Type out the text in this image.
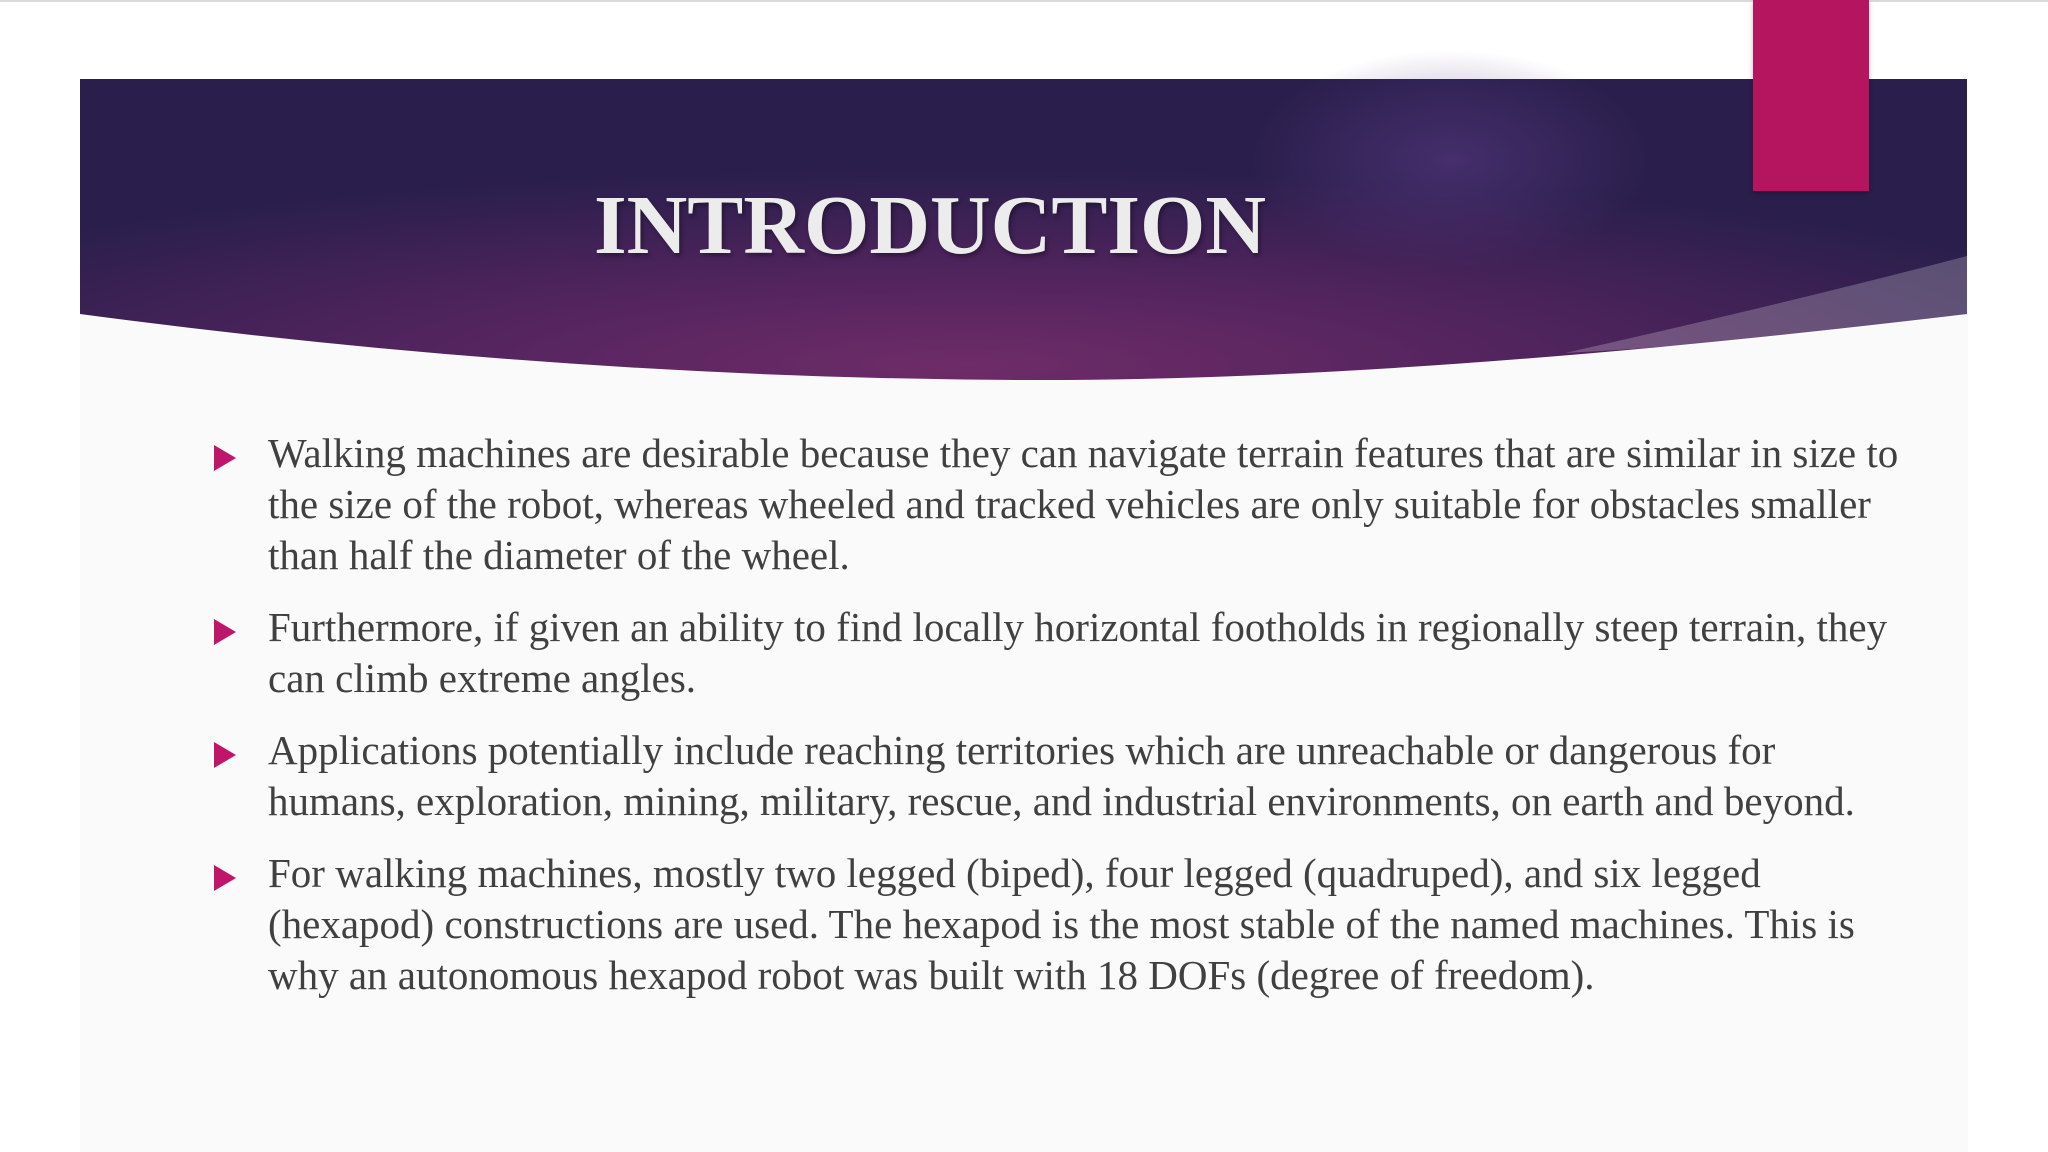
INTRODUCTION
Walking machines are desirable because they can navigate terrain features that are similar in size to the size of the robot, whereas wheeled and tracked vehicles are only suitable for obstacles smaller than half the diameter of the wheel.
Furthermore, if given an ability to find locally horizontal footholds in regionally steep terrain, they can climb extreme angles.
Applications potentially include reaching territories which are unreachable or dangerous for humans, exploration, mining, military, rescue, and industrial environments, on earth and beyond.
For walking machines, mostly two legged (biped), four legged (quadruped), and six legged (hexapod) constructions are used. The hexapod is the most stable of the named machines. This is why an autonomous hexapod robot was built with 18 DOFs (degree of freedom).
